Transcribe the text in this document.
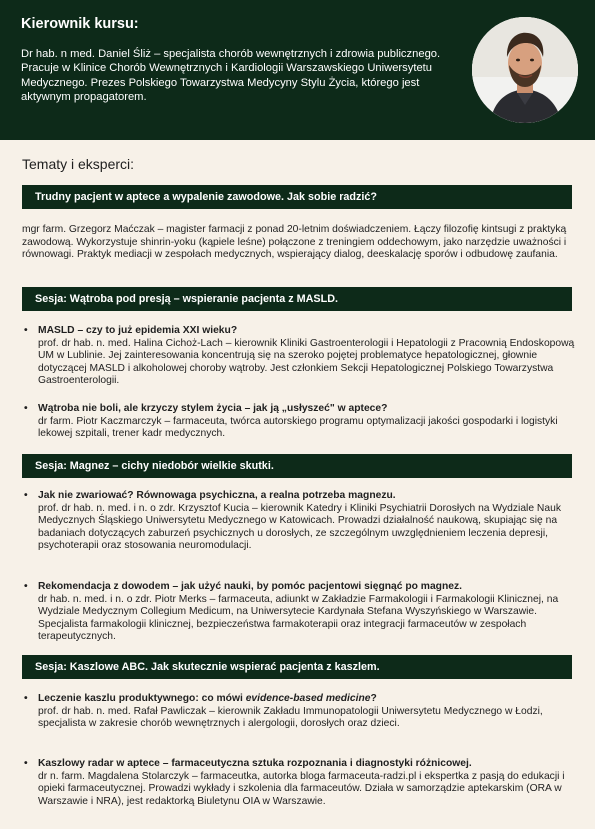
Kierownik kursu:
Dr hab. n med. Daniel Śliż – specjalista chorób wewnętrznych i zdrowia publicznego. Pracuje w Klinice Chorób Wewnętrznych i Kardiologii Warszawskiego Uniwersytetu Medycznego. Prezes Polskiego Towarzystwa Medycyny Stylu Życia, którego jest aktywnym propagatorem.
Tematy i eksperci:
Trudny pacjent w aptece a wypalenie zawodowe. Jak sobie radzić?
mgr farm. Grzegorz Maćczak – magister farmacji z ponad 20-letnim doświadczeniem. Łączy filozofię kintsugi z praktyką zawodową. Wykorzystuje shinrin-yoku (kąpiele leśne) połączone z treningiem oddechowym, jako narzędzie uważności i równowagi. Praktyk mediacji w zespołach medycznych, wspierający dialog, deeskalację sporów i odbudowę zaufania.
Sesja: Wątroba pod presją – wspieranie pacjenta z MASLD.
• MASLD – czy to już epidemia XXI wieku?
prof. dr hab. n. med. Halina Cichoż-Lach – kierownik Kliniki Gastroenterologii i Hepatologii z Pracownią Endoskopową UM w Lublinie. Jej zainteresowania koncentrują się na szeroko pojętej problematyce hepatologicznej, głownie dotyczącej MASLD i alkoholowej choroby wątroby. Jest członkiem Sekcji Hepatologicznej Polskiego Towarzystwa Gastroenterologii.
• Wątroba nie boli, ale krzyczy stylem życia – jak ją „usłyszeć" w aptece?
dr farm. Piotr Kaczmarczyk – farmaceuta, twórca autorskiego programu optymalizacji jakości gospodarki i logistyki lekowej szpitali, trener kadr medycznych.
Sesja: Magnez – cichy niedobór wielkie skutki.
• Jak nie zwariować? Równowaga psychiczna, a realna potrzeba magnezu.
prof. dr hab. n. med. i n. o zdr. Krzysztof Kucia – kierownik Katedry i Kliniki Psychiatrii Dorosłych na Wydziale Nauk Medycznych Śląskiego Uniwersytetu Medycznego w Katowicach. Prowadzi działalność naukową, skupiając się na badaniach dotyczących zaburzeń psychicznych u dorosłych, ze szczególnym uwzględnieniem leczenia depresji, psychoterapii oraz stosowania neuromodulacji.
• Rekomendacja z dowodem – jak użyć nauki, by pomóc pacjentowi sięgnąć po magnez.
dr hab. n. med. i n. o zdr. Piotr Merks – farmaceuta, adiunkt w Zakładzie Farmakologii i Farmakologii Klinicznej, na Wydziale Medycznym Collegium Medicum, na Uniwersytecie Kardynała Stefana Wyszyńskiego w Warszawie. Specjalista farmakologii klinicznej, bezpieczeństwa farmakoterapii oraz integracji farmaceutów w zespołach terapeutycznych.
Sesja: Kaszlowe ABC. Jak skutecznie wspierać pacjenta z kaszlem.
• Leczenie kaszlu produktywnego: co mówi evidence-based medicine?
prof. dr hab. n. med. Rafał Pawliczak – kierownik Zakładu Immunopatologii Uniwersytetu Medycznego w Łodzi, specjalista w zakresie chorób wewnętrznych i alergologii, dorosłych oraz dzieci.
• Kaszlowy radar w aptece – farmaceutyczna sztuka rozpoznania i diagnostyki różnicowej.
dr n. farm. Magdalena Stolarczyk – farmaceutka, autorka bloga farmaceuta-radzi.pl i ekspertka z pasją do edukacji i opieki farmaceutycznej. Prowadzi wykłady i szkolenia dla farmaceutów. Działa w samorządzie aptekarskim (ORA w Warszawie i NRA), jest redaktorką Biuletynu OIA w Warszawie.
